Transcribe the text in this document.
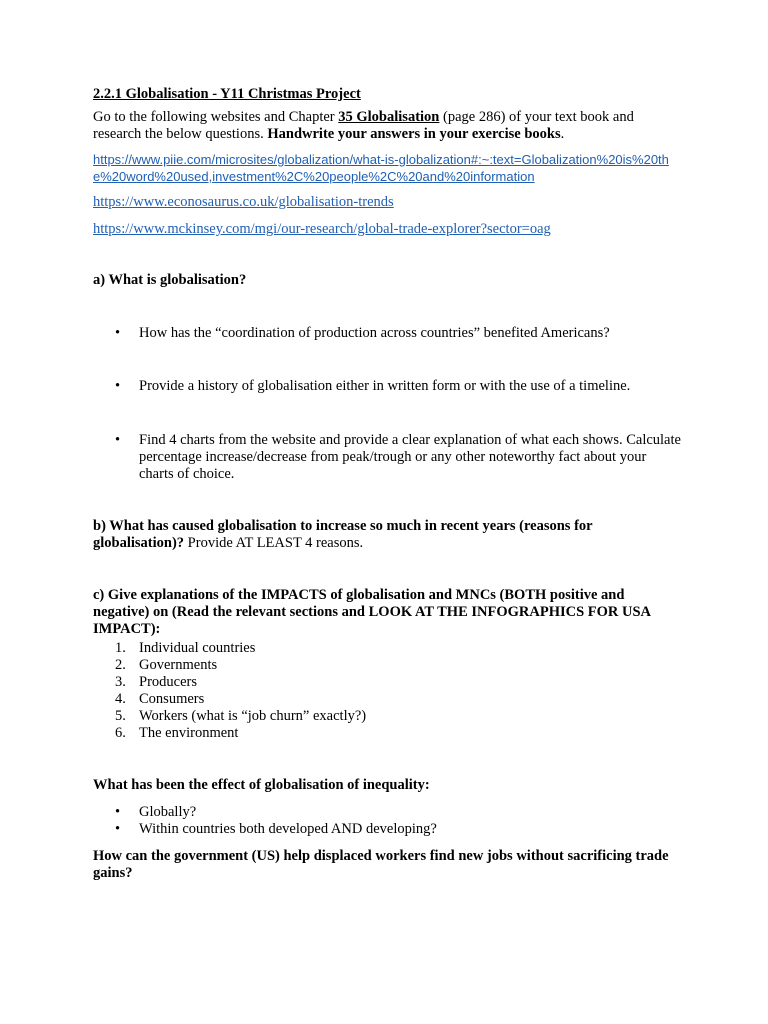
2.2.1 Globalisation - Y11 Christmas Project

Go to the following websites and Chapter 35 Globalisation (page 286) of your text book and research the below questions. Handwrite your answers in your exercise books.

https://www.piie.com/microsites/globalization/what-is-globalization#:~:text=Globalization%20is%20the%20word%20used,investment%2C%20people%2C%20and%20information

https://www.econosaurus.co.uk/globalisation-trends

https://www.mckinsey.com/mgi/our-research/global-trade-explorer?sector=oag

a) What is globalisation?

• How has the “coordination of production across countries” benefited Americans?
• Provide a history of globalisation either in written form or with the use of a timeline.
• Find 4 charts from the website and provide a clear explanation of what each shows. Calculate percentage increase/decrease from peak/trough or any other noteworthy fact about your charts of choice.

b) What has caused globalisation to increase so much in recent years (reasons for globalisation)? Provide AT LEAST 4 reasons.

c) Give explanations of the IMPACTS of globalisation and MNCs (BOTH positive and negative) on (Read the relevant sections and LOOK AT THE INFOGRAPHICS FOR USA IMPACT):

1. Individual countries
2. Governments
3. Producers
4. Consumers
5. Workers (what is “job churn” exactly?)
6. The environment

What has been the effect of globalisation of inequality:

• Globally?
• Within countries both developed AND developing?

How can the government (US) help displaced workers find new jobs without sacrificing trade gains?
